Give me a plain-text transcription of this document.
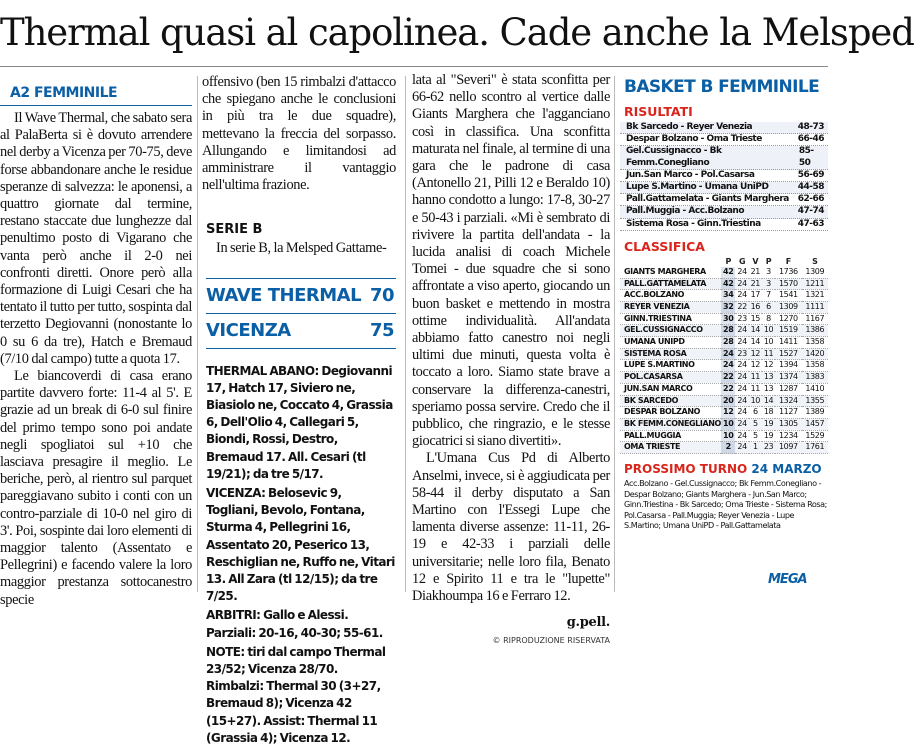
Thermal quasi al capolinea. Cade anche la Melsped
A2 FEMMINILE

Il Wave Thermal, che sabato sera al PalaBerta si è dovuto arrendere nel derby a Vicenza per 70-75, deve forse abbandonare anche le residue speranze di salvezza: le aponensi, a quattro giornate dal termine, restano staccate due lunghezze dal penultimo posto di Vigarano che vanta però anche il 2-0 nei confronti diretti. Onore però alla formazione di Luigi Cesari che ha tentato il tutto per tutto, sospinta dal terzetto Degiovanni (nonostante lo 0 su 6 da tre), Hatch e Bremaud (7/10 dal campo) tutte a quota 17.

Le biancoverdi di casa erano partite davvero forte: 11-4 al 5'. E grazie ad un break di 6-0 sul finire del primo tempo sono poi andate negli spogliatoi sul +10 che lasciava presagire il meglio. Le beriche, però, al rientro sul parquet pareggiavano subito i conti con un contro-parziale di 10-0 nel giro di 3'. Poi, sospinte dai loro elementi di maggior talento (Assentato e Pellegrini) e facendo valere la loro maggior prestanza sottocanestro specie

offensivo (ben 15 rimbalzi d'attacco che spiegano anche le conclusioni in più tra le due squadre), mettevano la freccia del sorpasso. Allungando e limitandosi ad amministrare il vantaggio nell'ultima frazione.

SERIE B

In serie B, la Melsped Gattame-

WAVE THERMAL 70
VICENZA	75

THERMAL ABANO: Degiovanni 17, Hatch 17, Siviero ne, Biasiolo ne, Coccato 4, Grassia 6, Dell'Olio 4, Callegari 5, Biondi, Rossi, Destro, Bremaud 17. All. Cesari (tl 19/21); da tre 5/17.

VICENZA: Belosevic 9, Togliani, Bevolo, Fontana, Sturma 4, Pellegrini 16, Assentato 20, Peserico 13, Reschiglian ne, Ruffo ne, Vitari 13. All Zara (tl 12/15); da tre 7/25.

ARBITRI: Gallo e Alessi. Parziali: 20-16, 40-30; 55-61.

NOTE: tiri dal campo Thermal 23/52; Vicenza 28/70. Rimbalzi: Thermal 30 (3+27, Bremaud 8); Vicenza 42 (15+27). Assist: Thermal 11 (Grassia 4); Vicenza 12.

lata al "Severi" è stata sconfitta per 66-62 nello scontro al vertice dalle Giants Marghera che l'agganciano così in classifica. Una sconfitta maturata nel finale, al termine di una gara che le padrone di casa (Antonello 21, Pilli 12 e Beraldo 10) hanno condotto a lungo: 17-8, 30-27 e 50-43 i parziali. «Mi è sembrato di rivivere la partita dell'andata - la lucida analisi di coach Michele Tomei - due squadre che si sono affrontate a viso aperto, giocando un buon basket e mettendo in mostra ottime individualità. All'andata abbiamo fatto canestro noi negli ultimi due minuti, questa volta è toccato a loro. Siamo state brave a conservare la differenza-canestri, speriamo possa servire. Credo che il pubblico, che ringrazio, e le stesse giocatrici si siano divertiti».

L'Umana Cus Pd di Alberto Anselmi, invece, si è aggiudicata per 58-44 il derby disputato a San Martino con l'Essegi Lupe che lamenta diverse assenze: 11-11, 26-19 e 42-33 i parziali delle universitarie; nelle loro fila, Benato 12 e Spirito 11 e tra le "lupette" Diakhoumpa 16 e Ferraro 12.

g.pell.
© RIPRODUZIONE RISERVATA
BASKET B FEMMINILE
RISULTATI
Bk Sarcedo - Reyer Venezia	48-73
Despar Bolzano - Oma Trieste	66-46
Gel.Cussignacco - Bk Femm.Conegliano
85-50
Jun.San Marco - Pol.Casarsa	56-69
Lupe S.Martino - Umana UniPD	44-58
Pall.Gattamelata - Giants Marghera 62-66
Pall.Muggia - Acc.Bolzano	47-74
Sistema Rosa - Ginn.Triestina	47-63
CLASSIFICA
	P	G	V	P	F	S
GIANTS MARGHERA	42	24	21	3	1736	1309
PALL.GATTAMELATA	42	24	21	3	1570	1211
ACC.BOLZANO	34	24	17	7	1541	1321
REYER VENEZIA	32	22	16	6	1309	1111
GINN.TRIESTINA	30	23	15	8	1270	1167
GEL.CUSSIGNACCO	28	24	14	10	1519	1386
UMANA UNIPD	28	24	14	10	1411	1358
SISTEMA ROSA	24	23	12	11	1527	1420
LUPE S.MARTINO	24	24	12	12	1394	1358
POL.CASARSA	22	24	11	13	1374	1383
JUN.SAN MARCO	22	24	11	13	1287	1410
BK SARCEDO	20	24	10	14	1324	1355
DESPAR BOLZANO	12	24	6	18	1127	1389
BK FEMM.CONEGLIANO	10	24	5	19	1305	1457
PALL.MUGGIA	10	24	5	19	1234	1529
OMA TRIESTE	2	24	1	23	1097	1761
PROSSIMO TURNO 24 MARZO
Acc.Bolzano - Gel.Cussignacco; Bk Femm.Conegliano - Despar Bolzano; Giants Marghera - Jun.San Marco; Ginn.Triestina - Bk Sarcedo; Oma Trieste - Sistema Rosa; Pol.Casarsa - Pall.Muggia; Reyer Venezia - Lupe S.Martino; Umana UniPD - Pall.Gattamelata
MEGA
